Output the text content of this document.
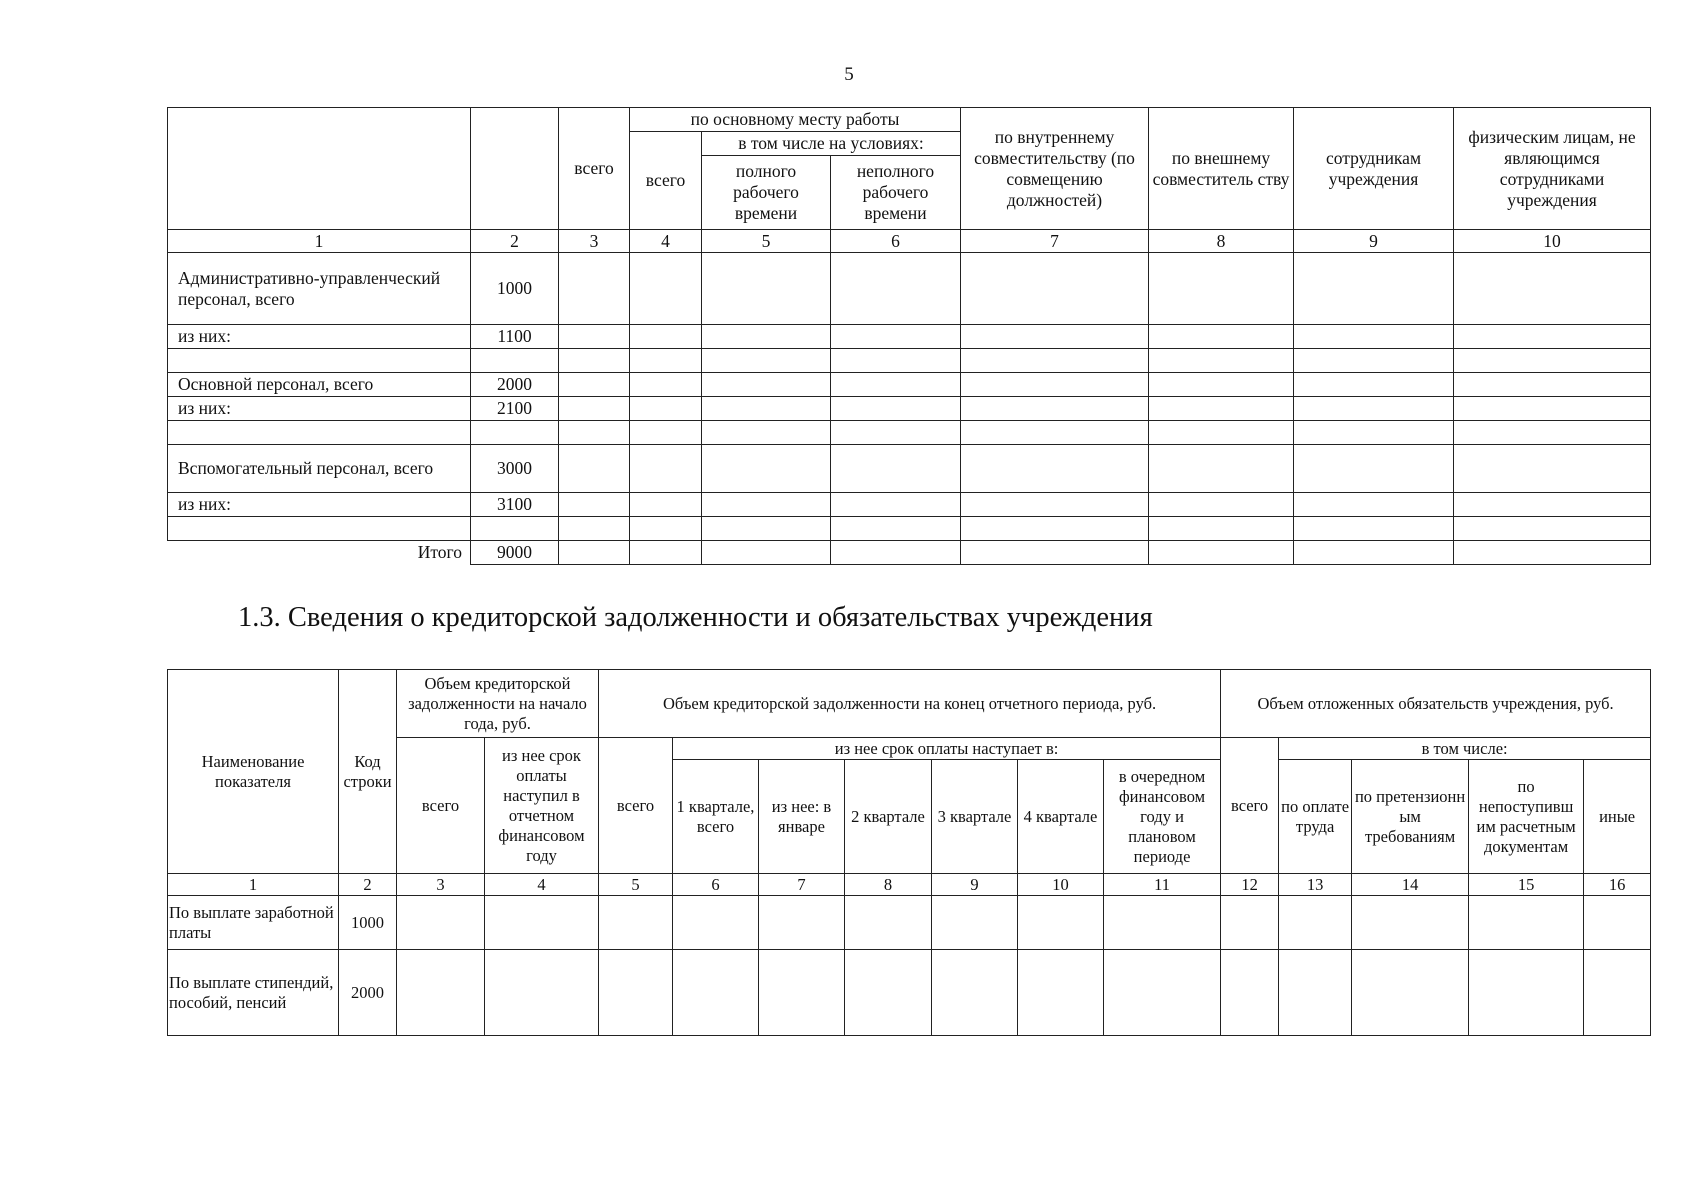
5
		всего	по основному месту работы			по внутреннему совместительству (по совмещению должностей)	по внешнему совместитель ству	сотрудникам учреждения	физическим лицам, не являющимся сотрудниками учреждения
			всего	в том числе на условиях:					
				полного рабочего времени	неполного рабочего времени				
1	2	3	4	5	6	7	8	9	10
Административно-управленческий персонал, всего	1000								
из них:	1100								

Основной персонал, всего	2000								
из них:	2100								

Вспомогательный персонал, всего	3000								
из них:	3100								

Итого	9000								
1.3. Сведения о кредиторской задолженности и обязательствах учреждения
Наименование показателя	Код строки	Объем кредиторской задолженности на начало года, руб.		Объем кредиторской задолженности на конец отчетного периода, руб.							Объем отложенных обязательств учреждения, руб.				
		всего	из нее срок оплаты наступил в отчетном финансовом году	всего	из нее срок оплаты наступает в:						всего	в том числе:			
					1 квартале, всего	из нее: в январе	2 квартале	3 квартале	4 квартале	в очередном финансовом году и плановом периоде		по оплате труда	по претензионн ым требованиям	по непоступивш им расчетным документам	иные
1	2	3	4	5	6	7	8	9	10	11	12	13	14	15	16
По выплате заработной платы	1000														
По выплате стипендий, пособий, пенсий	2000														
